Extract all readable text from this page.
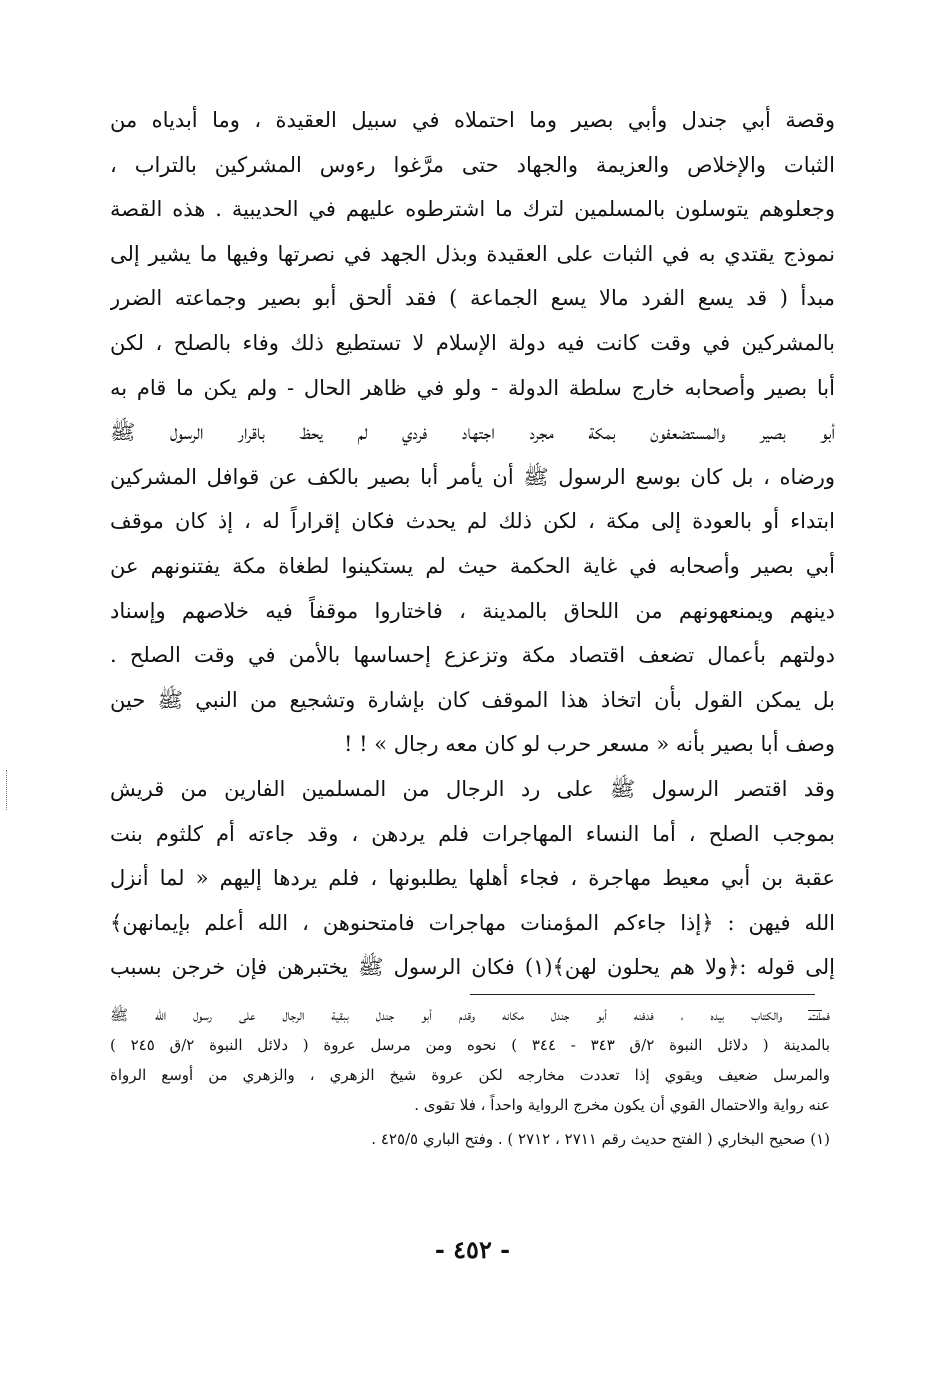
وقصة أبي جندل وأبي بصير وما احتملاه في سبيل العقيدة ، وما أبدياه من
الثبات والإخلاص والعزيمة والجهاد حتى مرَّغوا رءوس المشركين بالتراب ،
وجعلوهم يتوسلون بالمسلمين لترك ما اشترطوه عليهم في الحديبية . هذه القصة
نموذج يقتدي به في الثبات على العقيدة وبذل الجهد في نصرتها وفيها ما يشير إلى
مبدأ ( قد يسع الفرد مالا يسع الجماعة ) فقد ألحق أبو بصير وجماعته الضرر
بالمشركين في وقت كانت فيه دولة الإسلام لا تستطيع ذلك وفاء بالصلح ، لكن
أبا بصير وأصحابه خارج سلطة الدولة - ولو في ظاهر الحال - ولم يكن ما قام به
أبو بصير والمستضعفون بمكة مجرد اجتهاد فردي لم يحظ باقرار الرسول ﷺ
ورضاه ، بل كان بوسع الرسول ﷺ أن يأمر أبا بصير بالكف عن قوافل المشركين
ابتداء أو بالعودة إلى مكة ، لكن ذلك لم يحدث فكان إقراراً له ، إذ كان موقف
أبي بصير وأصحابه في غاية الحكمة حيث لم يستكينوا لطغاة مكة يفتنونهم عن
دينهم ويمنعهونهم من اللحاق بالمدينة ، فاختاروا موقفاً فيه خلاصهم وإسناد
دولتهم بأعمال تضعف اقتصاد مكة وتزعزع إحساسها بالأمن في وقت الصلح .
بل يمكن القول بأن اتخاذ هذا الموقف كان بإشارة وتشجيع من النبي ﷺ حين
وصف أبا بصير بأنه « مسعر حرب لو كان معه رجال » ! !
وقد اقتصر الرسول ﷺ على رد الرجال من المسلمين الفارين من قريش
بموجب الصلح ، أما النساء المهاجرات فلم يردهن ، وقد جاءته أم كلثوم بنت
عقبة بن أبي معيط مهاجرة ، فجاء أهلها يطلبونها ، فلم يردها إليهم « لما أنزل
الله فيهن : ﴿إذا جاءكم المؤمنات مهاجرات فامتحنوهن ، الله أعلم بإيمانهن﴾
إلى قوله :﴿ولا هم يحلون لهن﴾(١) فكان الرسول ﷺ يختبرهن فإن خرجن بسبب
فمات والكتاب بيده ، فدفنه أبو جندل مكانه وقدم أبو جندل ببقية الرجال على رسول الله ﷺ
بالمدينة ( دلائل النبوة ٢/ق ٣٤٣ - ٣٤٤ ) نحوه ومن مرسل عروة ( دلائل النبوة ٢/ق ٢٤٥ )
والمرسل ضعيف ويقوي إذا تعددت مخارجه لكن عروة شيخ الزهري ، والزهري من أوسع الرواة
عنه رواية والاحتمال القوي أن يكون مخرج الرواية واحداً ، فلا تقوى .
(١) صحيح البخاري ( الفتح حديث رقم ٢٧١١ ، ٢٧١٢ ) . وفتح الباري ٤٢٥/٥ .
- ٤٥٢ -
